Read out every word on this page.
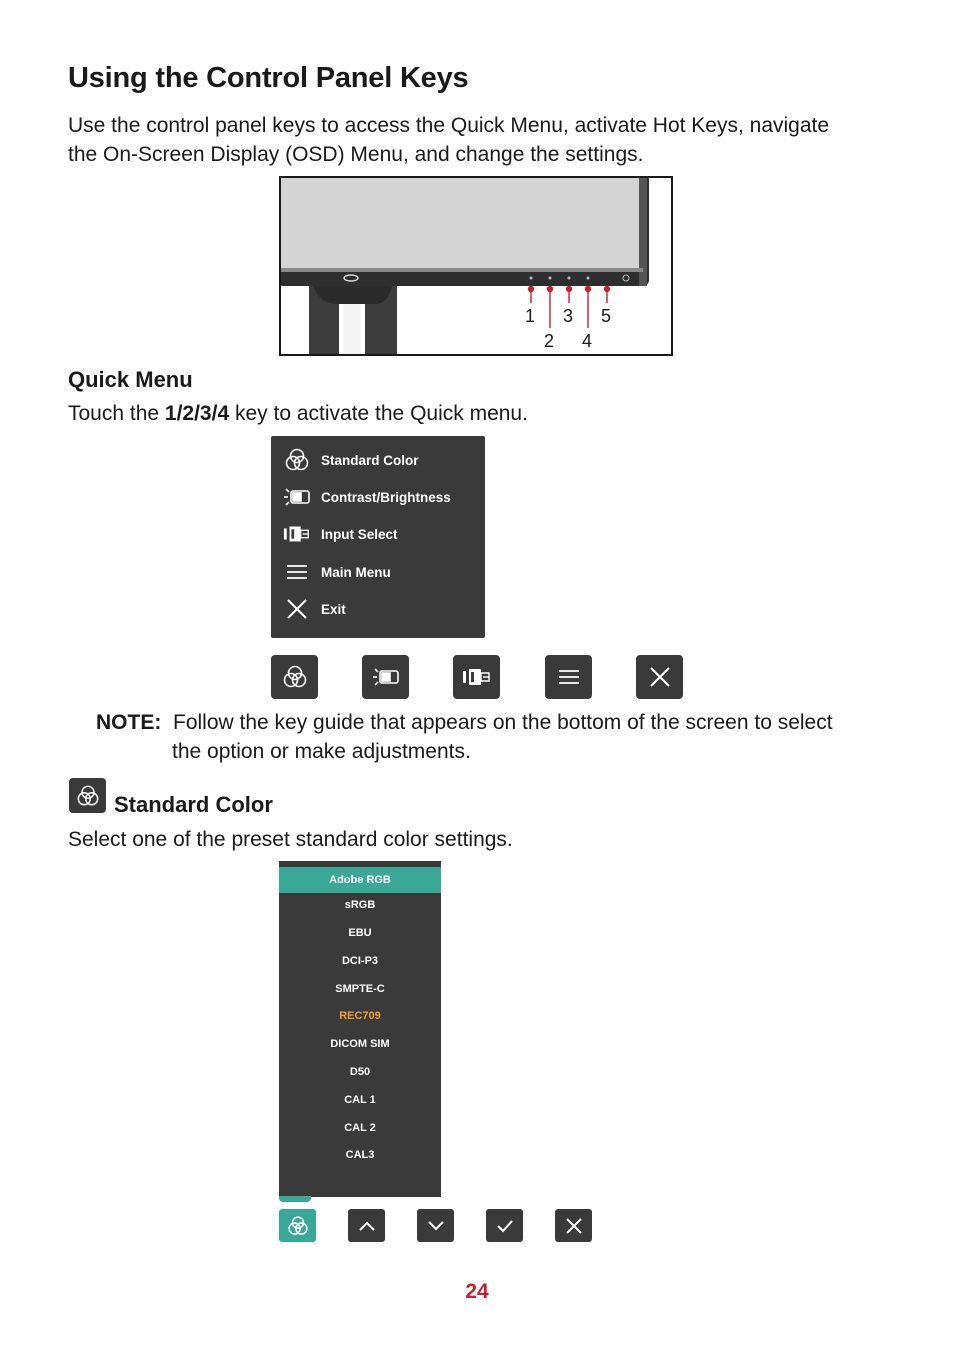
Using the Control Panel Keys

Use the control panel keys to access the Quick Menu, activate Hot Keys, navigate

the On-Screen Display (OSD) Menu, and change the settings.

1 3 5
2 4
Quick Menu

Touch the 1/2/3/4 key to activate the Quick menu.

Standard Color
Contrast/Brightness
Input Select
Main Menu
Exit
NOTE: Follow the key guide that appears on the bottom of the screen to select
the option or make adjustments.
Standard Color

Select one of the preset standard color settings.

Adobe RGB
sRGB
EBU
DCI-P3
SMPTE-C
REC709
DICOM SIM
D50
CAL 1
CAL 2
CAL3
24
